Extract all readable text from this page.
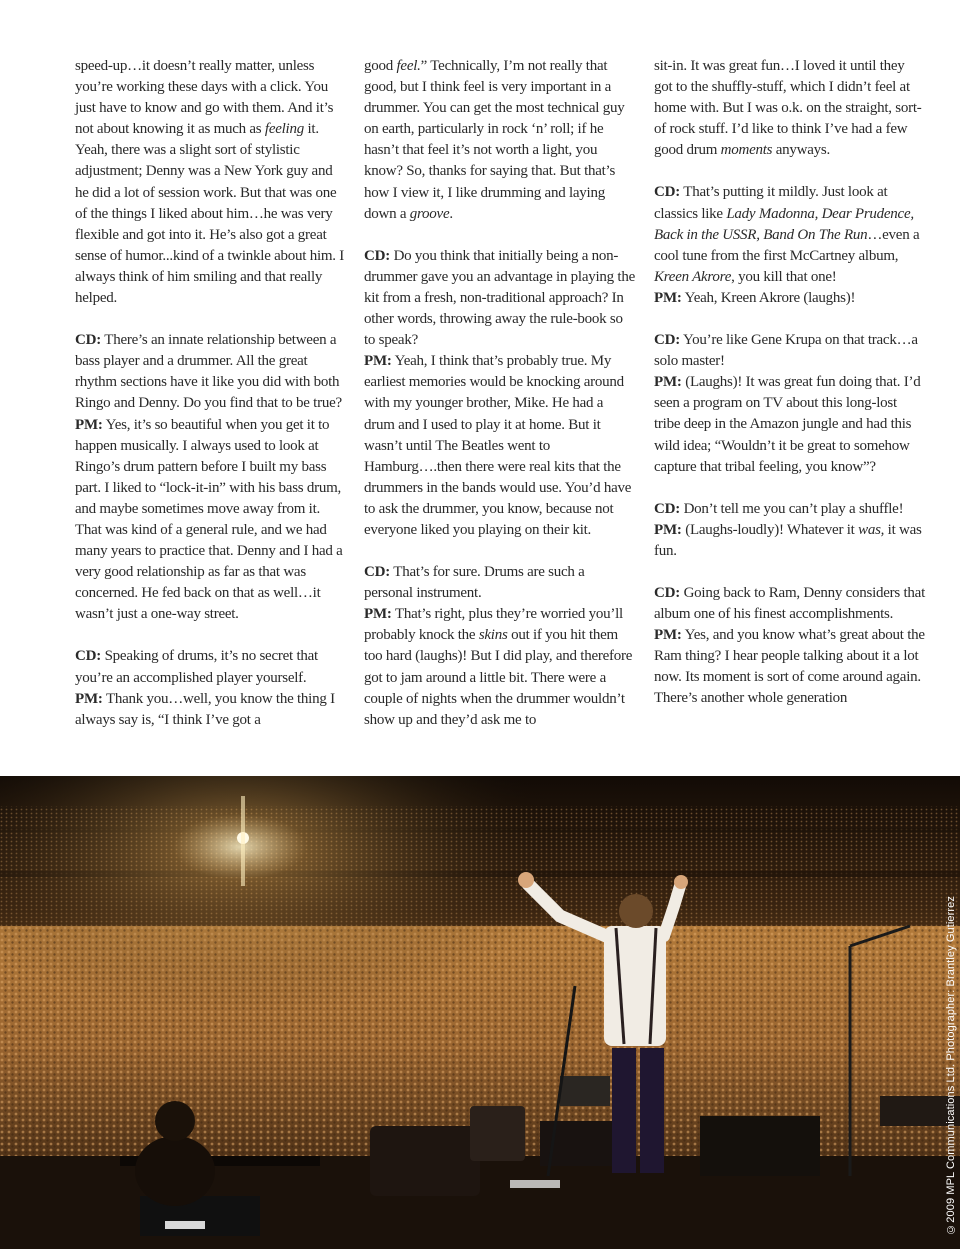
speed-up…it doesn’t really matter, unless you’re working these days with a click. You just have to know and go with them. And it’s not about knowing it as much as feeling it. Yeah, there was a slight sort of stylistic adjustment; Denny was a New York guy and he did a lot of session work. But that was one of the things I liked about him…he was very flexible and got into it. He’s also got a great sense of humor...kind of a twinkle about him. I always think of him smiling and that really helped.

CD: There’s an innate relationship between a bass player and a drummer. All the great rhythm sections have it like you did with both Ringo and Denny. Do you find that to be true?

PM: Yes, it’s so beautiful when you get it to happen musically. I always used to look at Ringo’s drum pattern before I built my bass part. I liked to “lock-it-in” with his bass drum, and maybe sometimes move away from it. That was kind of a general rule, and we had many years to practice that. Denny and I had a very good relationship as far as that was concerned. He fed back on that as well…it wasn’t just a one-way street.

CD: Speaking of drums, it’s no secret that you’re an accomplished player yourself.

PM: Thank you…well, you know the thing I always say is, “I think I’ve got a

good feel.” Technically, I’m not really that good, but I think feel is very important in a drummer. You can get the most technical guy on earth, particularly in rock ‘n’ roll; if he hasn’t that feel it’s not worth a light, you know? So, thanks for saying that. But that’s how I view it, I like drumming and laying down a groove.

CD: Do you think that initially being a non-drummer gave you an advantage in playing the kit from a fresh, non-traditional approach? In other words, throwing away the rule-book so to speak?

PM: Yeah, I think that’s probably true. My earliest memories would be knocking around with my younger brother, Mike. He had a drum and I used to play it at home. But it wasn’t until The Beatles went to Hamburg….then there were real kits that the drummers in the bands would use. You’d have to ask the drummer, you know, because not everyone liked you playing on their kit.

CD: That’s for sure. Drums are such a personal instrument.

PM: That’s right, plus they’re worried you’ll probably knock the skins out if you hit them too hard (laughs)! But I did play, and therefore got to jam around a little bit. There were a couple of nights when the drummer wouldn’t show up and they’d ask me to

sit-in. It was great fun…I loved it until they got to the shuffly-stuff, which I didn’t feel at home with. But I was o.k. on the straight, sort-of rock stuff. I’d like to think I’ve had a few good drum moments anyways.

CD: That’s putting it mildly. Just look at classics like Lady Madonna, Dear Prudence, Back in the USSR, Band On The Run…even a cool tune from the first McCartney album, Kreen Akrore, you kill that one!

PM: Yeah, Kreen Akrore (laughs)!

CD: You’re like Gene Krupa on that track…a solo master!

PM: (Laughs)! It was great fun doing that. I’d seen a program on TV about this long-lost tribe deep in the Amazon jungle and had this wild idea; “Wouldn’t it be great to somehow capture that tribal feeling, you know”?

CD: Don’t tell me you can’t play a shuffle!

PM: (Laughs-loudly)! Whatever it was, it was fun.

CD: Going back to Ram, Denny considers that album one of his finest accomplishments.

PM: Yes, and you know what’s great about the Ram thing? I hear people talking about it a lot now. Its moment is sort of come around again. There’s another whole generation

©2009 MPL Communications Ltd. Photographer: Brantley Gutierrez
